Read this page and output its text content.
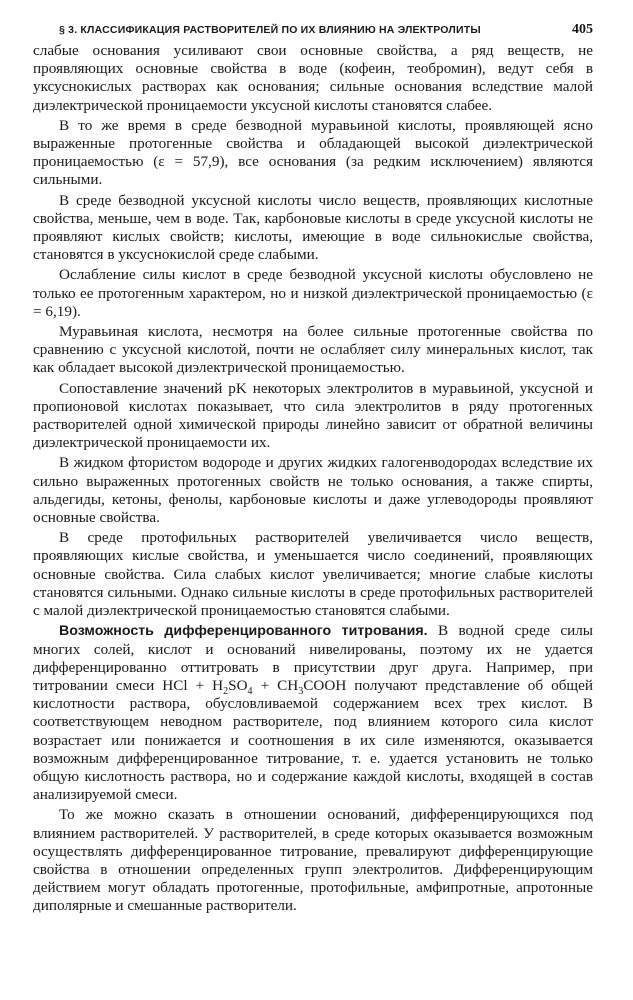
§ 3. КЛАССИФИКАЦИЯ РАСТВОРИТЕЛЕЙ ПО ИХ ВЛИЯНИЮ НА ЭЛЕКТРОЛИТЫ	405

слабые основания усиливают свои основные свойства, а ряд веществ, не проявляющих основные свойства в воде (кофеин, теобромин), ведут себя в уксуснокислых растворах как основания; сильные основания вследствие малой диэлектрической проницаемости уксусной кислоты становятся слабее.

В то же время в среде безводной муравьиной кислоты, проявляющей ясно выраженные протогенные свойства и обладающей высокой диэлектрической проницаемостью (ε = 57,9), все основания (за редким исключением) являются сильными.

В среде безводной уксусной кислоты число веществ, проявляющих кислотные свойства, меньше, чем в воде. Так, карбоновые кислоты в среде уксусной кислоты не проявляют кислых свойств; кислоты, имеющие в воде сильнокислые свойства, становятся в уксуснокислой среде слабыми.

Ослабление силы кислот в среде безводной уксусной кислоты обусловлено не только ее протогенным характером, но и низкой диэлектрической проницаемостью (ε = 6,19).

Муравьиная кислота, несмотря на более сильные протогенные свойства по сравнению с уксусной кислотой, почти не ослабляет силу минеральных кислот, так как обладает высокой диэлектрической проницаемостью.

Сопоставление значений pK некоторых электролитов в муравьиной, уксусной и пропионовой кислотах показывает, что сила электролитов в ряду протогенных растворителей одной химической природы линейно зависит от обратной величины диэлектрической проницаемости их.

В жидком фтористом водороде и других жидких галогенводородах вследствие их сильно выраженных протогенных свойств не только основания, а также спирты, альдегиды, кетоны, фенолы, карбоновые кислоты и даже углеводороды проявляют основные свойства.

В среде протофильных растворителей увеличивается число веществ, проявляющих кислые свойства, и уменьшается число соединений, проявляющих основные свойства. Сила слабых кислот увеличивается; многие слабые кислоты становятся сильными. Однако сильные кислоты в среде протофильных растворителей с малой диэлектрической проницаемостью становятся слабыми.

Возможность дифференцированного титрования. В водной среде силы многих солей, кислот и оснований нивелированы, поэтому их не удается дифференцированно оттитровать в присутствии друг друга. Например, при титровании смеси HCl + $H_2SO_4$ + $CH_3COOH$ получают представление об общей кислотности раствора, обусловливаемой содержанием всех трех кислот. В соответствующем неводном растворителе, под влиянием которого сила кислот возрастает или понижается и соотношения в их силе изменяются, оказывается возможным дифференцированное титрование, т. е. удается установить не только общую кислотность раствора, но и содержание каждой кислоты, входящей в состав анализируемой смеси.

То же можно сказать в отношении оснований, дифференцирующихся под влиянием растворителей. У растворителей, в среде которых оказывается возможным осуществлять дифференцированное титрование, превалируют дифференцирующие свойства в отношении определенных групп электролитов. Дифференцирующим действием могут обладать протогенные, протофильные, амфипротные, апротонные диполярные и смешанные растворители.
